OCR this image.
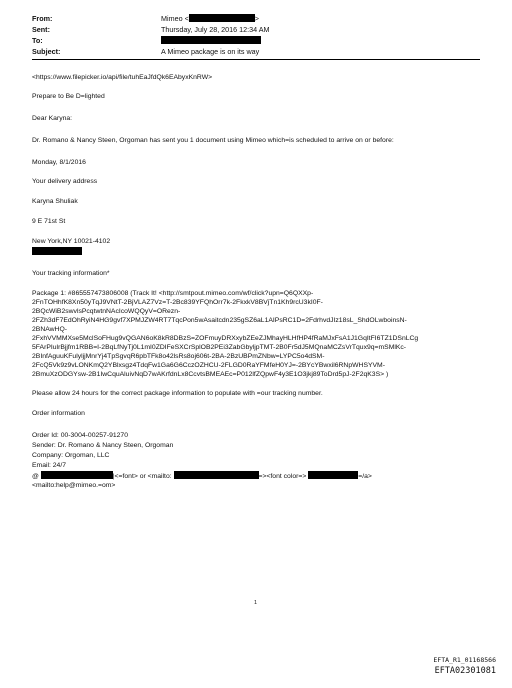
From:	Mimeo <	>
Sent:	Thursday, July 28, 2016 12:34 AM
To:
Subject:	A Mimeo package is on its way
<https://www.filepicker.io/api/file/tuhEaJfdQk6EAbyxKnRW>
Prepare to Be D=lighted
Dear Karyna:
Dr. Romano & Nancy Steen, Orgoman has sent you 1 document using Mimeo which=is scheduled to arrive on or before:
Monday, 8/1/2016
Your delivery address
Karyna Shuliak
9 E 71st St
New York,NY 10021-4102
Your tracking information*
Package 1: #865557473806008 (Track It! <http://smtpout.mimeo.com/wf/click?upn=Q6QXXp-
2FnTOHhfK8Xn50yTqJ9VNtT-2BjVLAZ7Vz=T-2Bc839YFQhOrr7k-2FkxkV8BVjTn1Kh9rcU3kI0F-
2BQcWiB2swvlsPcqtwtnNAcIcoWQQyV=ORezn-
2FZh3dF7EdOhRyiN4HG9gvf7XPMJZW4RT7TqcPon5wAsaitcdn235gSZ6aL1AIPsRC1D=2FdrhvdJIz18sL_ShdOLwboinsN-
2BNAwHQ-
2FxhVVMMXse5MclSoFHug9vQGAN6oK8kR8DBzS=ZOFmuyDRXxybZEeZJMhayHLHfHP4fRaMJxFsA1J1GqItFI6TZ1DSnLCg
5FArPIulrBjjfm1RBB=I-2BqLfNyTj0L1mI0ZDIFeSXCrSplOB2PEi3ZabGbyljpTMT-2B0Fr5dJ5MQnaMCZsVrTqux9q=mSMlKc-
2BInfAguuKFulyljjMnrYj4TpSgvqR6pbTFk8o42lsRs8oj606t-2BA-2BzUBPmZNbw=LYPC5o4dSM-
2FcQ5Vk9z9vLONKmQ2YBlxsgz4TdqFw1Ga6G6CczOZHCU-2FLGD0RaYFMfeH0YJ=-2BYcYBwxil6RNpWHSYVM-
2BmuXzODGYsw-2B1IwCquAluivNqD7wAKrfdnLx8CcvtsBMEAEc=P012lfZQpwF4y3E1O3jkj89ToDrd5pJ-2F2qK3S> )
Please allow 24 hours for the correct package information to populate with =our tracking number.
Order information
Order Id: 00-3004-00257-91270
Sender: Dr. Romano & Nancy Steen, Orgoman
Company: Orgoman, LLC
Email: 24/7
@	|<=font> or <mailto:	=><font color=>	=/a>
<mailto:help@mimeo.=om>
1
EFTA_R1_01168566
EFTA02301081
